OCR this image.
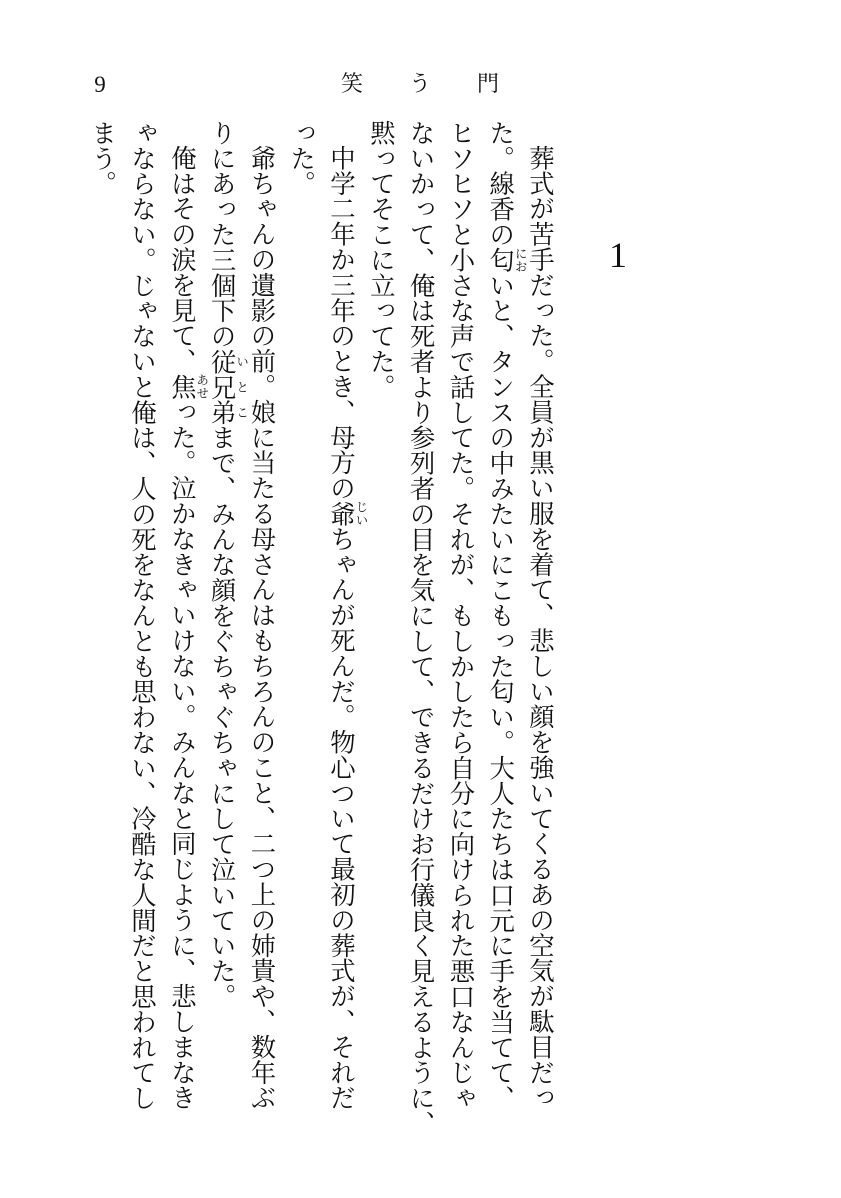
9	笑う門
1
葬式が苦手だった。全員が黒い服を着て、悲しい顔を強いてくるあの空気が駄目だっ
た。線香の匂 においと、タンスの中みたいにこもった匂い。大人たちは口元に手を当てて、
ヒソヒソと小さな声で話してた。それが、もしかしたら自分に向けられた悪口なんじゃ
ないかって、俺は死者より参列者の目を気にして、できるだけお行儀良く見えるように、
黙ってそこに立ってた。
中学二年か三年のとき、母方の爺 じいちゃんが死んだ。物心ついて最初の葬式が、それだ
った。
爺ちゃんの遺影の前。娘に当たる母さんはもちろんのこと、二つ上の姉貴や、数年ぶ
りにあった三個下の従兄弟 いとこまで、みんな顔をぐちゃぐちゃにして泣いていた。
俺はその涙を見て、焦 あせった。泣かなきゃいけない。みんなと同じように、悲しまなき
ゃならない。じゃないと俺は、人の死をなんとも思わない、冷酷な人間だと思われてし
まう。
